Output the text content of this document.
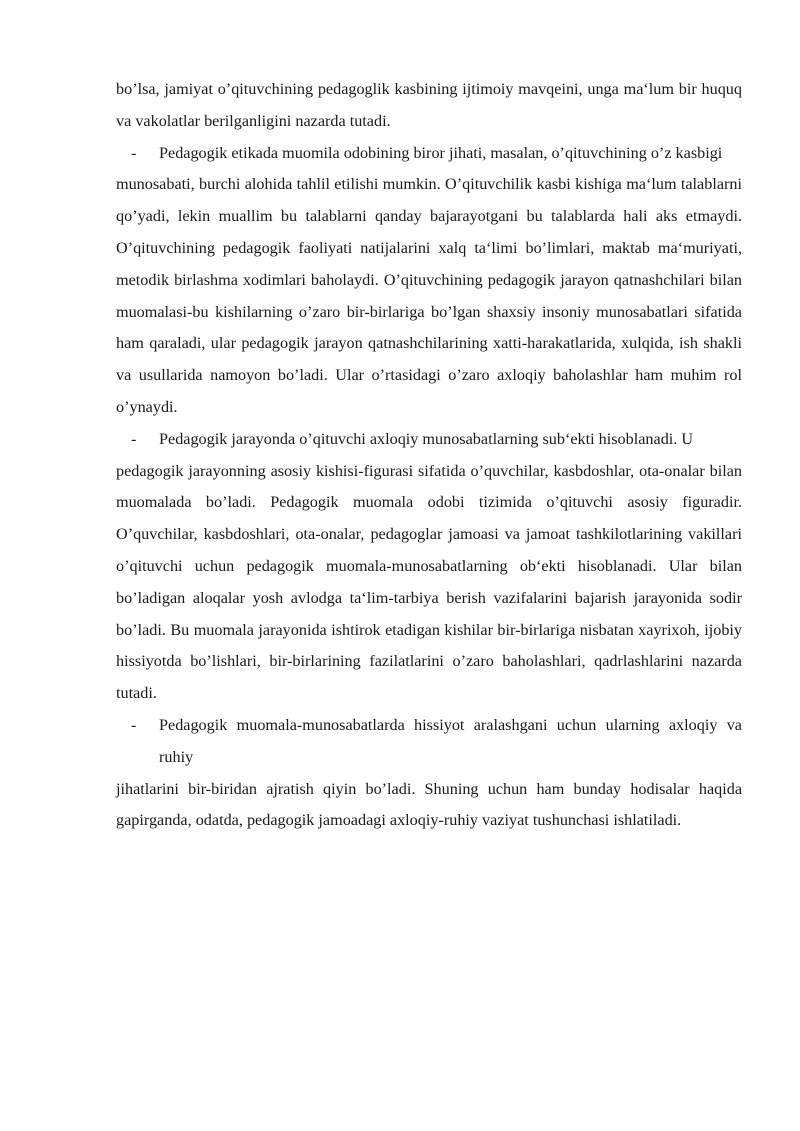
bo’lsa, jamiyat o’qituvchining pedagoglik kasbining ijtimoiy mavqeini, unga ma‘lum bir huquq va vakolatlar berilganligini nazarda tutadi.

- Pedagogik etikada muomila odobining biror jihati, masalan, o’qituvchining o’z kasbigi

munosabati, burchi alohida tahlil etilishi mumkin. O’qituvchilik kasbi kishiga ma‘lum talablarni qo’yadi, lekin muallim bu talablarni qanday bajarayotgani bu talablarda hali aks etmaydi. O’qituvchining pedagogik faoliyati natijalarini xalq ta‘limi bo’limlari, maktab ma‘muriyati, metodik birlashma xodimlari baholaydi. O’qituvchining pedagogik jarayon qatnashchilari bilan muomalasi-bu kishilarning o’zaro bir-birlariga bo’lgan shaxsiy insoniy munosabatlari sifatida ham qaraladi, ular pedagogik jarayon qatnashchilarining xatti-harakatlarida, xulqida, ish shakli va usullarida namoyon bo’ladi. Ular o’rtasidagi o’zaro axloqiy baholashlar ham muhim rol o’ynaydi.

- Pedagogik jarayonda o’qituvchi axloqiy munosabatlarning sub‘ekti hisoblanadi. U

pedagogik jarayonning asosiy kishisi-figurasi sifatida o’quvchilar, kasbdoshlar, ota-onalar bilan muomalada bo’ladi. Pedagogik muomala odobi tizimida o’qituvchi asosiy figuradir. O’quvchilar, kasbdoshlari, ota-onalar, pedagoglar jamoasi va jamoat tashkilotlarining vakillari o’qituvchi uchun pedagogik muomala-munosabatlarning ob‘ekti hisoblanadi. Ular bilan bo’ladigan aloqalar yosh avlodga ta‘lim-tarbiya berish vazifalarini bajarish jarayonida sodir bo’ladi. Bu muomala jarayonida ishtirok etadigan kishilar bir-birlariga nisbatan xayrixoh, ijobiy hissiyotda bo’lishlari, bir-birlarining fazilatlarini o’zaro baholashlari, qadrlashlarini nazarda tutadi.

- Pedagogik muomala-munosabatlarda hissiyot aralashgani uchun ularning axloqiy va ruhiy

jihatlarini bir-biridan ajratish qiyin bo’ladi. Shuning uchun ham bunday hodisalar haqida gapirganda, odatda, pedagogik jamoadagi axloqiy-ruhiy vaziyat tushunchasi ishlatiladi.
